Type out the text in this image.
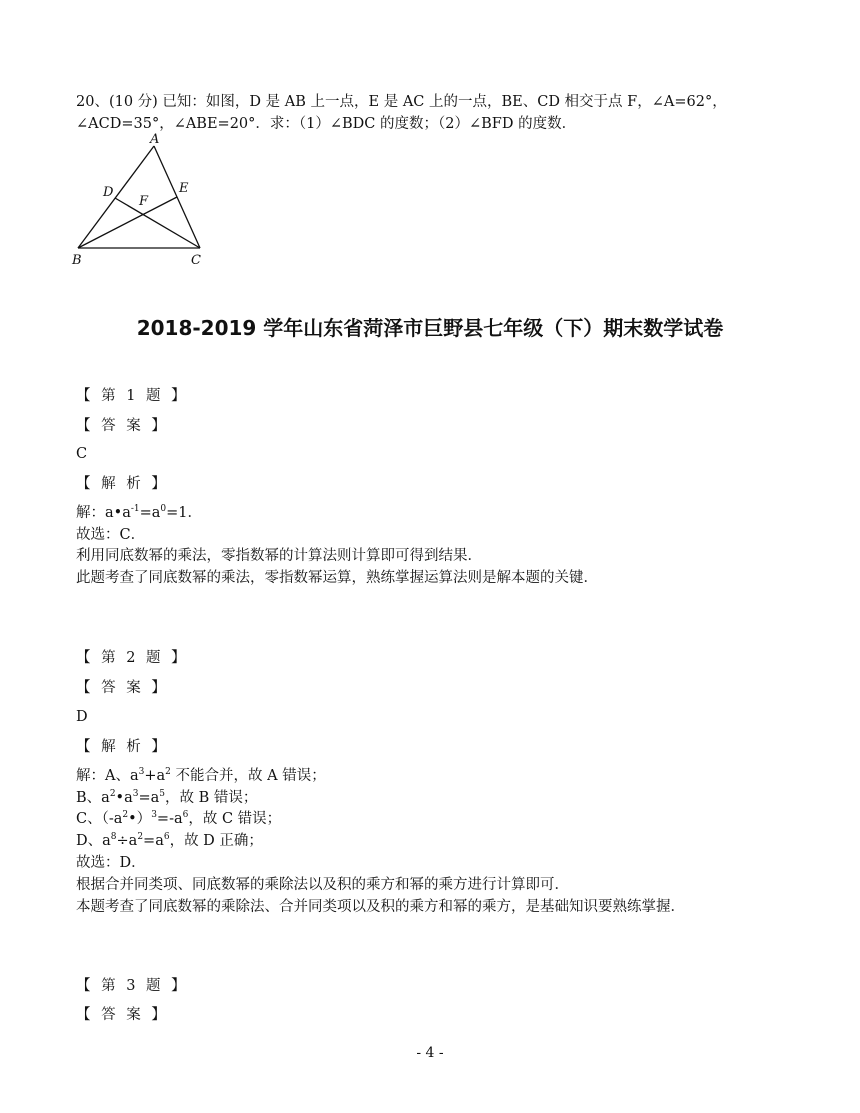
20、(10 分) 已知：如图，D 是 AB 上一点，E 是 AC 上的一点，BE、CD 相交于点 F，∠A=62°，
∠ACD=35°，∠ABE=20°．求：（1）∠BDC 的度数；（2）∠BFD 的度数．
A
B	C
D	E
F
2018-2019 学年山东省菏泽市巨野县七年级（下）期末数学试卷
【 第 1 题 】
【 答 案 】
C
【 解 析 】
解：$a•a^{-1}=a^0=1$．
故选：C．
利用同底数幂的乘法，零指数幂的计算法则计算即可得到结果．
此题考查了同底数幂的乘法，零指数幂运算，熟练掌握运算法则是解本题的关键．
【 第 2 题 】
【 答 案 】
D
【 解 析 】
解：A、$a^3+a^2$ 不能合并，故 A 错误；
B、$a^2•a^3=a^5$，故 B 错误；
C、$(-a^2•)^3=-a^6$，故 C 错误；
D、$a^8\div a^2=a^6$，故 D 正确；
故选：D．
根据合并同类项、同底数幂的乘除法以及积的乘方和幂的乘方进行计算即可．
本题考查了同底数幂的乘除法、合并同类项以及积的乘方和幂的乘方，是基础知识要熟练掌握．
【 第 3 题 】
【 答 案 】
- 4 -
